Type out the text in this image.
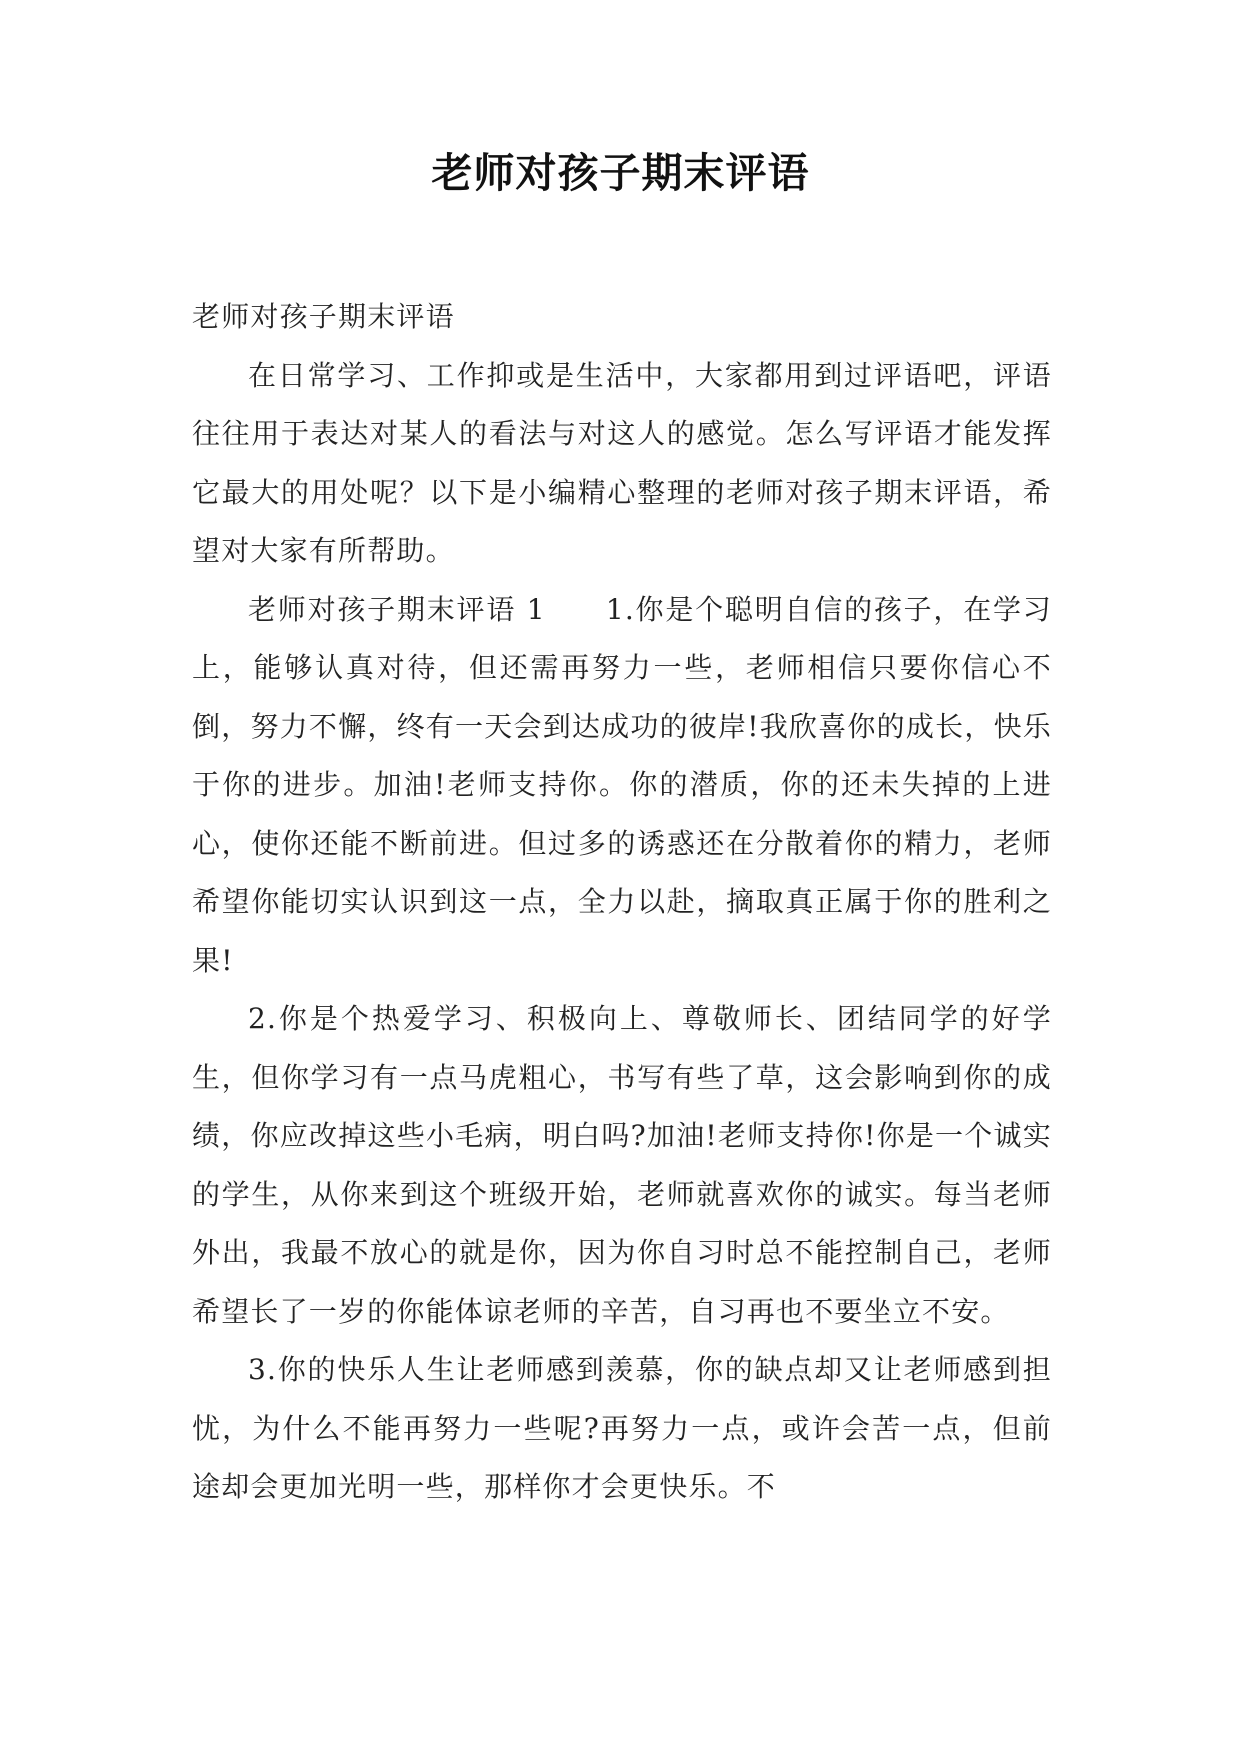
老师对孩子期末评语

老师对孩子期末评语

在日常学习、工作抑或是生活中，大家都用到过评语吧，评语往往用于表达对某人的看法与对这人的感觉。怎么写评语才能发挥它最大的用处呢？以下是小编精心整理的老师对孩子期末评语，希望对大家有所帮助。

老师对孩子期末评语 1 1.你是个聪明自信的孩子，在学习上，能够认真对待，但还需再努力一些，老师相信只要你信心不倒，努力不懈，终有一天会到达成功的彼岸!我欣喜你的成长，快乐于你的进步。加油!老师支持你。你的潜质，你的还未失掉的上进心，使你还能不断前进。但过多的诱惑还在分散着你的精力，老师希望你能切实认识到这一点，全力以赴，摘取真正属于你的胜利之果!

2.你是个热爱学习、积极向上、尊敬师长、团结同学的好学生，但你学习有一点马虎粗心，书写有些了草，这会影响到你的成绩，你应改掉这些小毛病，明白吗?加油!老师支持你!你是一个诚实的学生，从你来到这个班级开始，老师就喜欢你的诚实。每当老师外出，我最不放心的就是你，因为你自习时总不能控制自己，老师希望长了一岁的你能体谅老师的辛苦，自习再也不要坐立不安。

3.你的快乐人生让老师感到羡慕，你的缺点却又让老师感到担忧，为什么不能再努力一些呢?再努力一点，或许会苦一点，但前途却会更加光明一些，那样你才会更快乐。不
